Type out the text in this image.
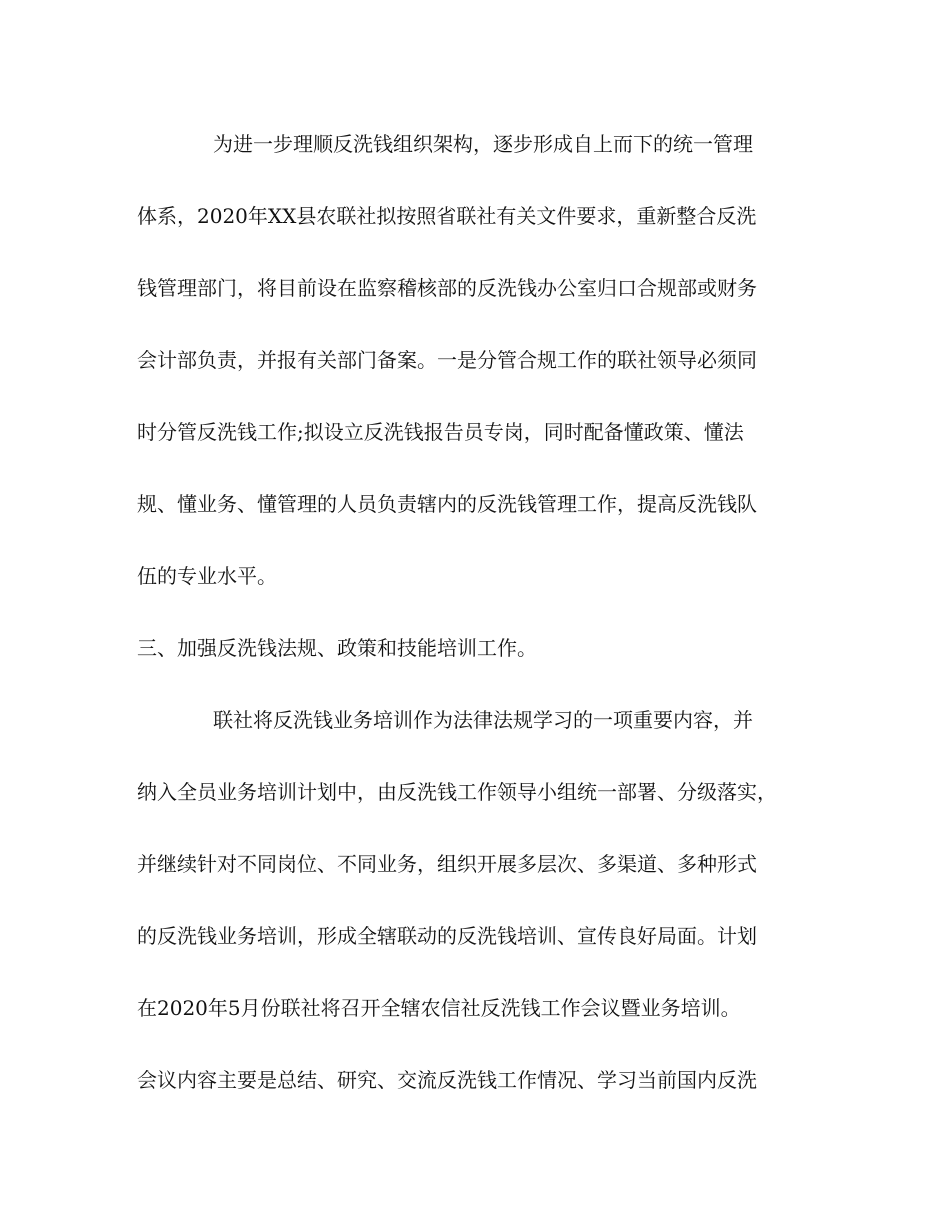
为进一步理顺反洗钱组织架构，逐步形成自上而下的统一管理
体系，2020年XX县农联社拟按照省联社有关文件要求，重新整合反洗
钱管理部门，将目前设在监察稽核部的反洗钱办公室归口合规部或财务
会计部负责，并报有关部门备案。一是分管合规工作的联社领导必须同
时分管反洗钱工作;拟设立反洗钱报告员专岗，同时配备懂政策、懂法
规、懂业务、懂管理的人员负责辖内的反洗钱管理工作，提高反洗钱队
伍的专业水平。
三、加强反洗钱法规、政策和技能培训工作。
联社将反洗钱业务培训作为法律法规学习的一项重要内容，并
纳入全员业务培训计划中，由反洗钱工作领导小组统一部署、分级落实，
并继续针对不同岗位、不同业务，组织开展多层次、多渠道、多种形式
的反洗钱业务培训，形成全辖联动的反洗钱培训、宣传良好局面。计划
在2020年5月份联社将召开全辖农信社反洗钱工作会议暨业务培训。
会议内容主要是总结、研究、交流反洗钱工作情况、学习当前国内反洗
